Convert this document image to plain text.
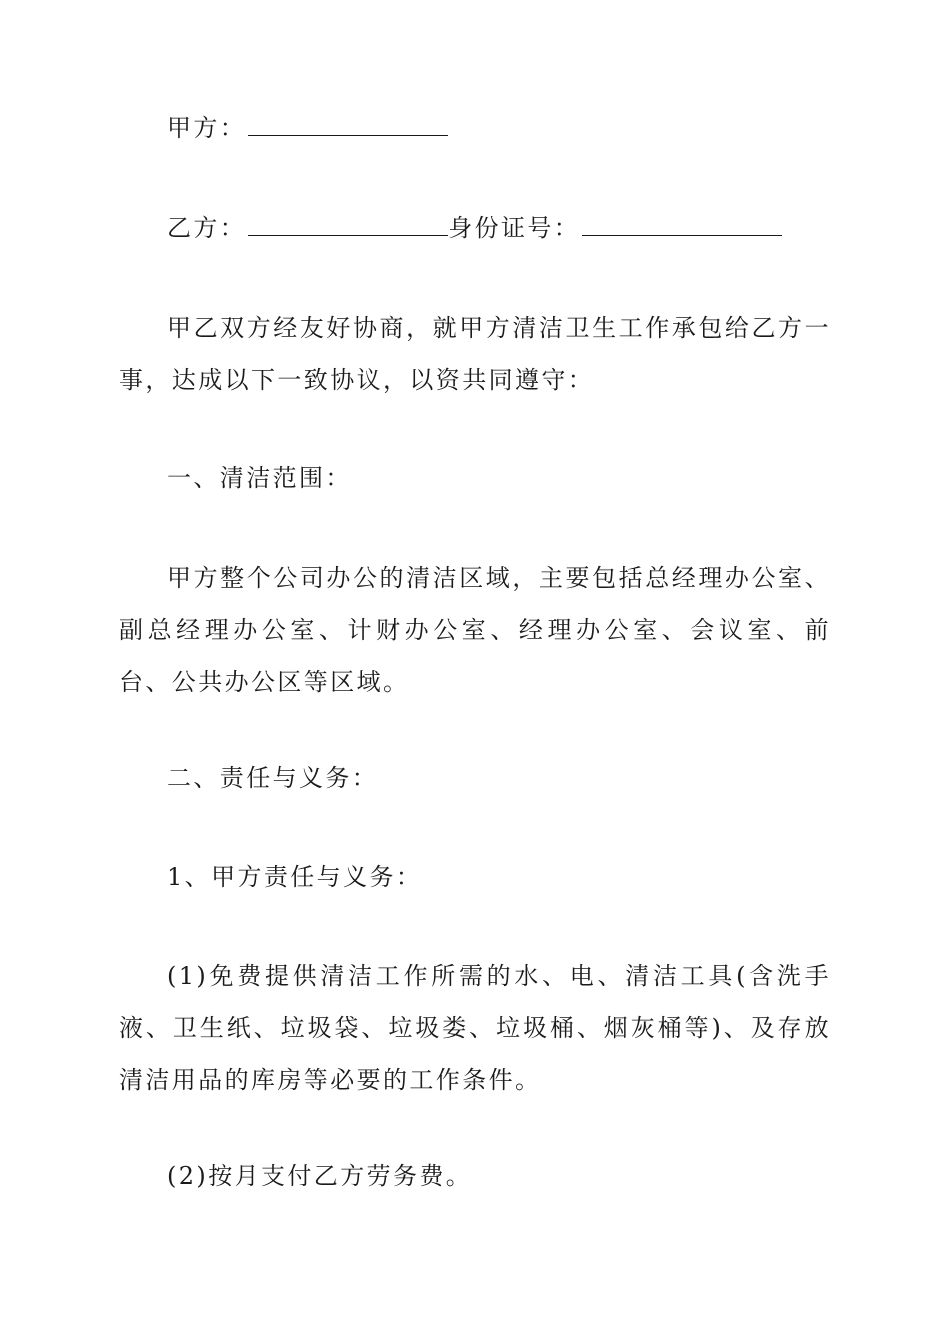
甲方：
乙方：	身份证号：
甲乙双方经友好协商，就甲方清洁卫生工作承包给乙方一事，达成以下一致协议，以资共同遵守：
一、清洁范围：
甲方整个公司办公的清洁区域，主要包括总经理办公室、副总经理办公室、计财办公室、经理办公室、会议室、前台、公共办公区等区域。
二、责任与义务：
1、甲方责任与义务：
(1)免费提供清洁工作所需的水、电、清洁工具(含洗手液、卫生纸、垃圾袋、垃圾娄、垃圾桶、烟灰桶等)、及存放清洁用品的库房等必要的工作条件。
(2)按月支付乙方劳务费。
